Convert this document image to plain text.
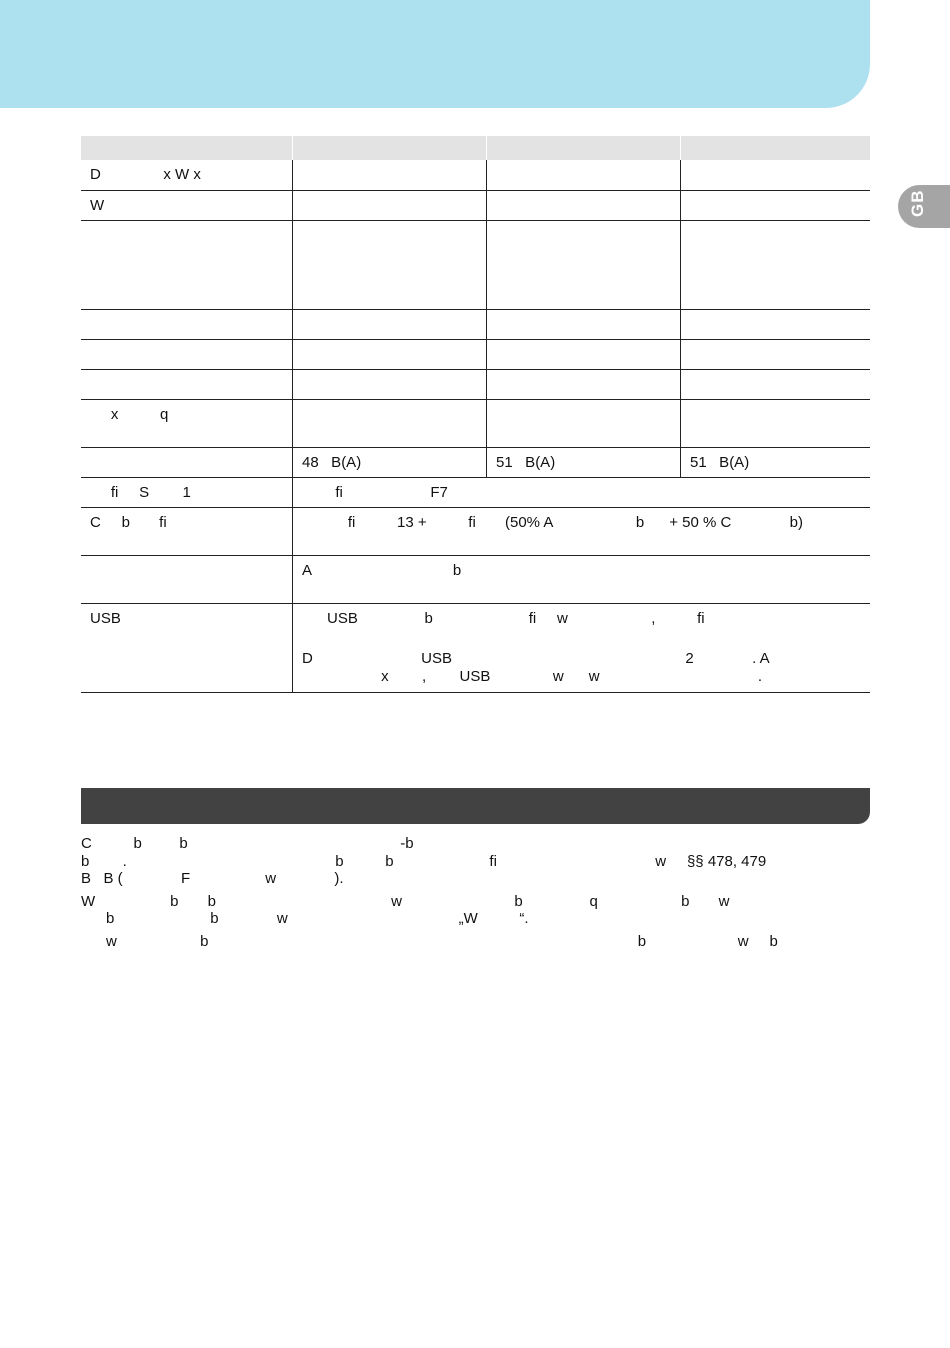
GB

D               x W x			
W			

x          q			
	48   B(A)	51   B(A)	51   B(A)
fi     S        1	fi                     F7		
C     b       fi	fi          13 +          fi       (50% A                    b      + 50 % C              b)		
	A                                  b		
USB	USB                b                       fi     w                    ,          fi
D                          USB                                                        2              . A
x        ,        USB               w      w                                      .		

C          b         b                                                   -b
b        .                                                  b          b                       fi                                      w     §§ 478, 479
B   B (              F                  w              ).

W                  b       b                                          w                           b                q                    b       w
b                       b              w                                         „W          “.

w                    b                                                                                                       b                      w     b
